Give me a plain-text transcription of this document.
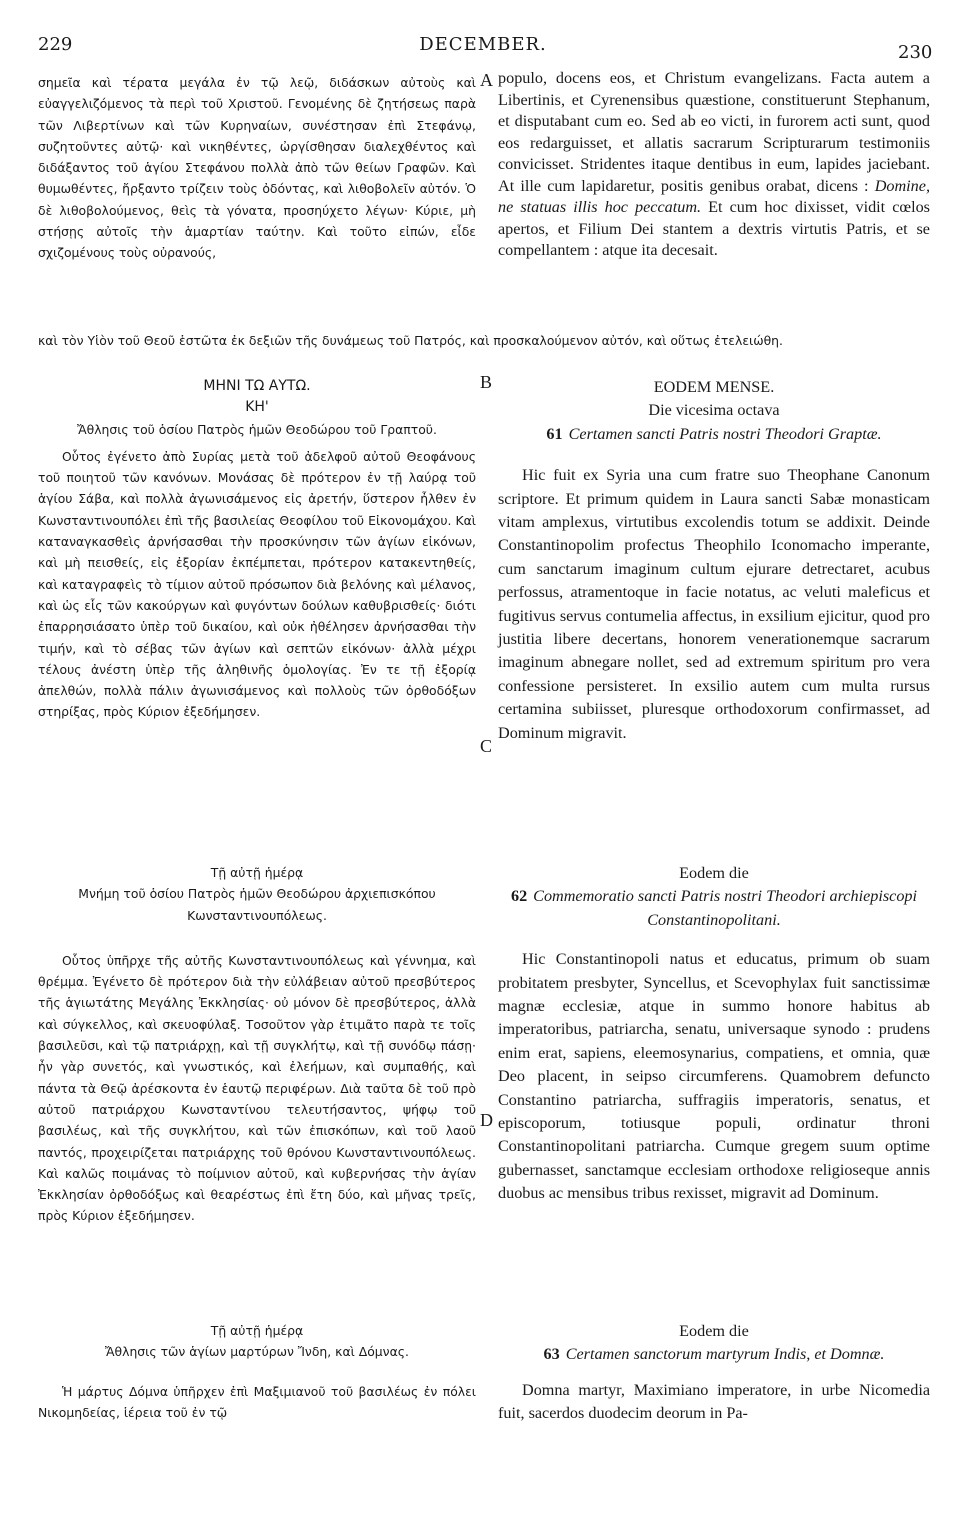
229	DECEMBER.	230
A
B
C
D

σημεῖα καὶ τέρατα μεγάλα ἐν τῷ λεῷ, διδάσκων αὐτοὺς καὶ εὐαγγελιζόμενος τὰ περὶ τοῦ Χριστοῦ. Γενομένης δὲ ζητήσεως παρὰ τῶν Λιβερτίνων καὶ τῶν Κυρηναίων, συνέστησαν ἐπὶ Στεφάνῳ, συζητοῦντες αὐτῷ· καὶ νικηθέντες, ὠργίσθησαν διαλεχθέντος καὶ διδάξαντος τοῦ ἁγίου Στεφάνου πολλὰ ἀπὸ τῶν θείων Γραφῶν. Καὶ θυμωθέντες, ἤρξαντο τρίζειν τοὺς ὀδόντας, καὶ λιθοβολεῖν αὐτόν. Ὁ δὲ λιθοβολούμενος, θεὶς τὰ γόνατα, προσηύχετο λέγων· Κύριε, μὴ στήσῃς αὐτοῖς τὴν ἁμαρτίαν ταύτην. Καὶ τοῦτο εἰπών, εἶδε σχιζομένους τοὺς οὐρανούς,

populo, docens eos, et Christum evangelizans. Facta autem a Libertinis, et Cyrenensibus quæstione, constituerunt Stephanum, et disputabant cum eo. Sed ab eo victi, in furorem acti sunt, quod eos redarguisset, et allatis sacrarum Scripturarum testimoniis convicisset. Stridentes itaque dentibus in eum, lapides jaciebant. At ille cum lapidaretur, positis genibus orabat, dicens : Domine, ne statuas illis hoc peccatum. Et cum hoc dixisset, vidit cœlos apertos, et Filium Dei stantem a dextris virtutis Patris, et se compellantem : atque ita decesait.

καὶ τὸν Υἱὸν τοῦ Θεοῦ ἑστῶτα ἐκ δεξιῶν τῆς δυνάμεως τοῦ Πατρός, καὶ προσκαλούμενον αὐτόν, καὶ οὕτως ἐτελειώθη.

ΜΗΝΙ ΤΩ ΑΥΤΩ.
ΚΗ'
Ἄθλησις τοῦ ὁσίου Πατρὸς ἡμῶν Θεοδώρου τοῦ Γραπτοῦ.

Οὗτος ἐγένετο ἀπὸ Συρίας μετὰ τοῦ ἀδελφοῦ αὐτοῦ Θεοφάνους τοῦ ποιητοῦ τῶν κανόνων. Μονάσας δὲ πρότερον ἐν τῇ λαύρᾳ τοῦ ἁγίου Σάβα, καὶ πολλὰ ἀγωνισάμενος εἰς ἀρετήν, ὕστερον ἦλθεν ἐν Κωνσταντινουπόλει ἐπὶ τῆς βασιλείας Θεοφίλου τοῦ Εἰκονομάχου. Καὶ καταναγκασθεὶς ἀρνήσασθαι τὴν προσκύνησιν τῶν ἁγίων εἰκόνων, καὶ μὴ πεισθείς, εἰς ἐξορίαν ἐκπέμπεται, πρότερον κατακεντηθείς, καὶ καταγραφεὶς τὸ τίμιον αὐτοῦ πρόσωπον διὰ βελόνης καὶ μέλανος, καὶ ὡς εἷς τῶν κακούργων καὶ φυγόντων δούλων καθυβρισθείς· διότι ἐπαρρησιάσατο ὑπὲρ τοῦ δικαίου, καὶ οὐκ ἠθέλησεν ἀρνήσασθαι τὴν τιμήν, καὶ τὸ σέβας τῶν ἁγίων καὶ σεπτῶν εἰκόνων· ἀλλὰ μέχρι τέλους ἀνέστη ὑπὲρ τῆς ἀληθινῆς ὁμολογίας. Ἐν τε τῇ ἐξορίᾳ ἀπελθών, πολλὰ πάλιν ἀγωνισάμενος καὶ πολλοὺς τῶν ὀρθοδόξων στηρίξας, πρὸς Κύριον ἐξεδήμησεν.

EODEM MENSE.
Die vicesima octava
61 Certamen sancti Patris nostri Theodori Graptæ.

Hic fuit ex Syria una cum fratre suo Theophane Canonum scriptore. Et primum quidem in Laura sancti Sabæ monasticam vitam amplexus, virtutibus excolendis totum se addixit. Deinde Constantinopolim profectus Theophilo Iconomacho imperante, cum sanctarum imaginum cultum ejurare detrectaret, acubus perfossus, atramentoque in facie notatus, ac veluti maleficus et fugitivus servus contumelia affectus, in exsilium ejicitur, quod pro justitia libere decertans, honorem venerationemque sacrarum imaginum abnegare nollet, sed ad extremum spiritum pro vera confessione persisteret. In exsilio autem cum multa rursus certamina subiisset, pluresque orthodoxorum confirmasset, ad Dominum migravit.

Τῇ αὐτῇ ἡμέρᾳ
Μνήμη τοῦ ὁσίου Πατρὸς ἡμῶν Θεοδώρου ἀρχιεπισκόπου Κωνσταντινουπόλεως.

Οὗτος ὑπῆρχε τῆς αὐτῆς Κωνσταντινουπόλεως καὶ γέννημα, καὶ θρέμμα. Ἐγένετο δὲ πρότερον διὰ τὴν εὐλάβειαν αὐτοῦ πρεσβύτερος τῆς ἁγιωτάτης Μεγάλης Ἐκκλησίας· οὐ μόνον δὲ πρεσβύτερος, ἀλλὰ καὶ σύγκελλος, καὶ σκευοφύλαξ. Τοσοῦτον γὰρ ἐτιμᾶτο παρὰ τε τοῖς βασιλεῦσι, καὶ τῷ πατριάρχῃ, καὶ τῇ συγκλήτῳ, καὶ τῇ συνόδῳ πάσῃ· ἦν γὰρ συνετός, καὶ γνωστικός, καὶ ἐλεήμων, καὶ συμπαθής, καὶ πάντα τὰ Θεῷ ἀρέσκοντα ἐν ἑαυτῷ περιφέρων. Διὰ ταῦτα δὲ τοῦ πρὸ αὐτοῦ πατριάρχου Κωνσταντίνου τελευτήσαντος, ψήφῳ τοῦ βασιλέως, καὶ τῆς συγκλήτου, καὶ τῶν ἐπισκόπων, καὶ τοῦ λαοῦ παντός, προχειρίζεται πατριάρχης τοῦ θρόνου Κωνσταντινουπόλεως. Καὶ καλῶς ποιμάνας τὸ ποίμνιον αὐτοῦ, καὶ κυβερνήσας τὴν ἁγίαν Ἐκκλησίαν ὀρθοδόξως καὶ θεαρέστως ἐπὶ ἔτη δύο, καὶ μῆνας τρεῖς, πρὸς Κύριον ἐξεδήμησεν.

Eodem die
62 Commemoratio sancti Patris nostri Theodori archiepiscopi Constantinopolitani.

Hic Constantinopoli natus et educatus, primum ob suam probitatem presbyter, Syncellus, et Scevophylax fuit sanctissimæ magnæ ecclesiæ, atque in summo honore habitus ab imperatoribus, patriarcha, senatu, universaque synodo : prudens enim erat, sapiens, eleemosynarius, compatiens, et omnia, quæ Deo placent, in seipso circumferens. Quamobrem defuncto Constantino patriarcha, suffragiis imperatoris, senatus, et episcoporum, totiusque populi, ordinatur throni Constantinopolitani patriarcha. Cumque gregem suum optime gubernasset, sanctamque ecclesiam orthodoxe religioseque annis duobus ac mensibus tribus rexisset, migravit ad Dominum.

Τῇ αὐτῇ ἡμέρᾳ
Ἄθλησις τῶν ἁγίων μαρτύρων Ἴνδη, καὶ Δόμνας.

Ἡ μάρτυς Δόμνα ὑπῆρχεν ἐπὶ Μαξιμιανοῦ τοῦ βασιλέως ἐν πόλει Νικομηδείας, ἱέρεια τοῦ ἐν τῷ

Eodem die
63 Certamen sanctorum martyrum Indis, et Domnæ.

Domna martyr, Maximiano imperatore, in urbe Nicomedia fuit, sacerdos duodecim deorum in Pa-
